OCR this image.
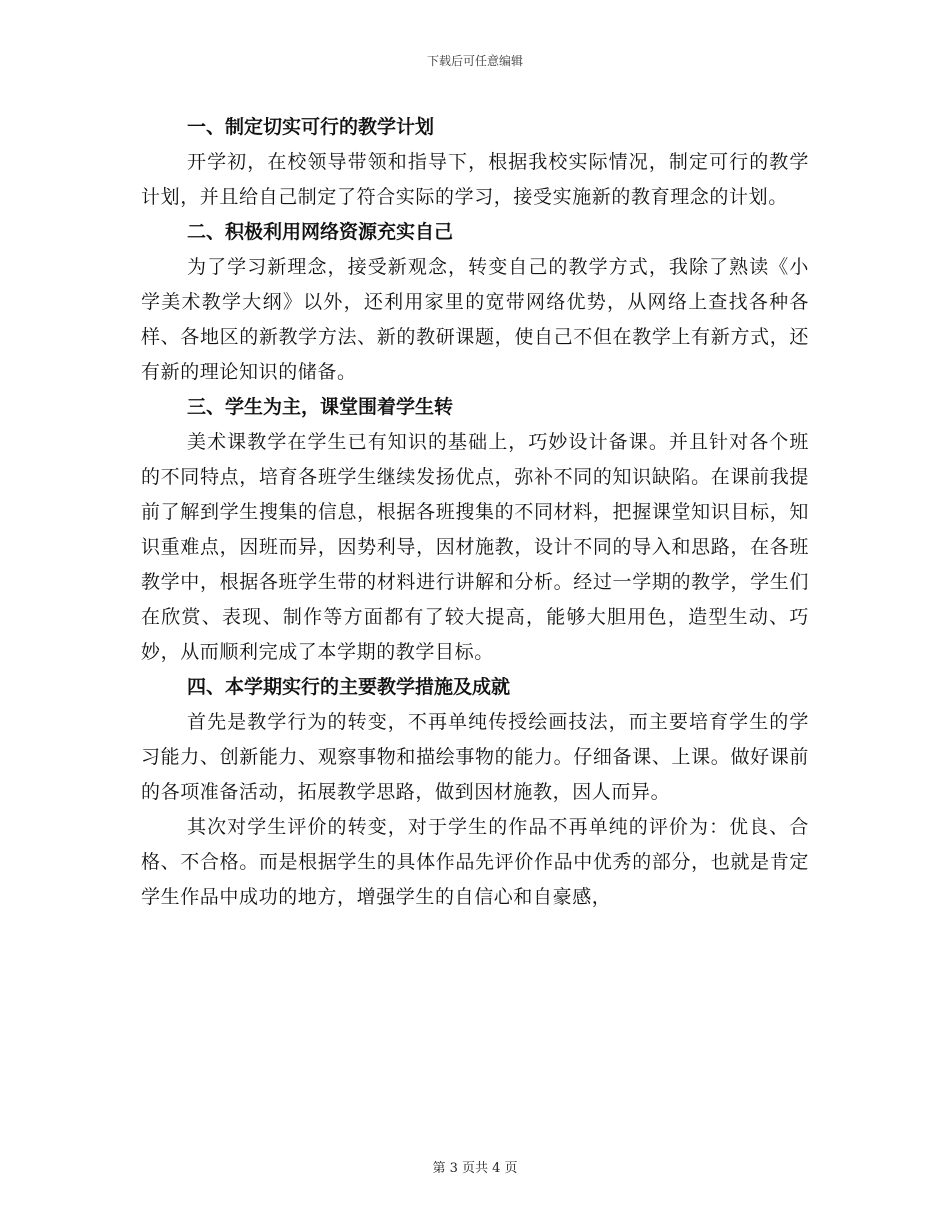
下载后可任意编辑
一、制定切实可行的教学计划

开学初，在校领导带领和指导下，根据我校实际情况，制定可行的教学计划，并且给自己制定了符合实际的学习，接受实施新的教育理念的计划。

二、积极利用网络资源充实自己

为了学习新理念，接受新观念，转变自己的教学方式，我除了熟读《小学美术教学大纲》以外，还利用家里的宽带网络优势，从网络上查找各种各样、各地区的新教学方法、新的教研课题，使自己不但在教学上有新方式，还有新的理论知识的储备。

三、学生为主，课堂围着学生转

美术课教学在学生已有知识的基础上，巧妙设计备课。并且针对各个班的不同特点，培育各班学生继续发扬优点，弥补不同的知识缺陷。在课前我提前了解到学生搜集的信息，根据各班搜集的不同材料，把握课堂知识目标，知识重难点，因班而异，因势利导，因材施教，设计不同的导入和思路，在各班教学中，根据各班学生带的材料进行讲解和分析。经过一学期的教学，学生们在欣赏、表现、制作等方面都有了较大提高，能够大胆用色，造型生动、巧妙，从而顺利完成了本学期的教学目标。

四、本学期实行的主要教学措施及成就

首先是教学行为的转变，不再单纯传授绘画技法，而主要培育学生的学习能力、创新能力、观察事物和描绘事物的能力。仔细备课、上课。做好课前的各项准备活动，拓展教学思路，做到因材施教，因人而异。

其次对学生评价的转变，对于学生的作品不再单纯的评价为：优良、合格、不合格。而是根据学生的具体作品先评价作品中优秀的部分，也就是肯定学生作品中成功的地方，增强学生的自信心和自豪感，

第 3 页共 4 页
